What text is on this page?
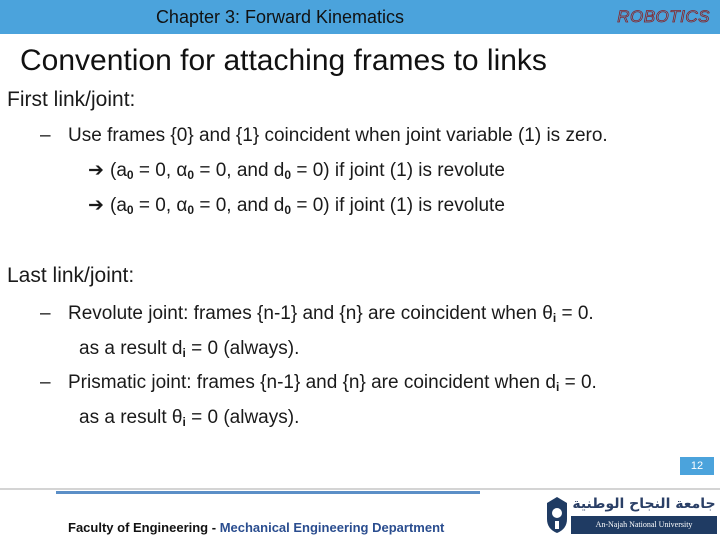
Chapter 3: Forward Kinematics	ROBOTICS
Convention for attaching frames to links
First link/joint:
– Use frames {0} and {1} coincident when joint variable (1) is zero.
➔ ($a_0 = 0$, $\alpha_0 = 0$, and $d_0 = 0$) if joint (1) is revolute
➔ ($a_0 = 0$, $\alpha_0 = 0$, and $d_0 = 0$) if joint (1) is revolute
Last link/joint:
– Revolute joint: frames {n-1} and {n} are coincident when $\theta_i = 0$.
as a result $d_i = 0$ (always).
– Prismatic joint: frames {n-1} and {n} are coincident when $d_i = 0$.
as a result $\theta_i = 0$ (always).
12
Faculty of Engineering - Mechanical Engineering Department
جامعة النجاح الوطنية
An-Najah National University
